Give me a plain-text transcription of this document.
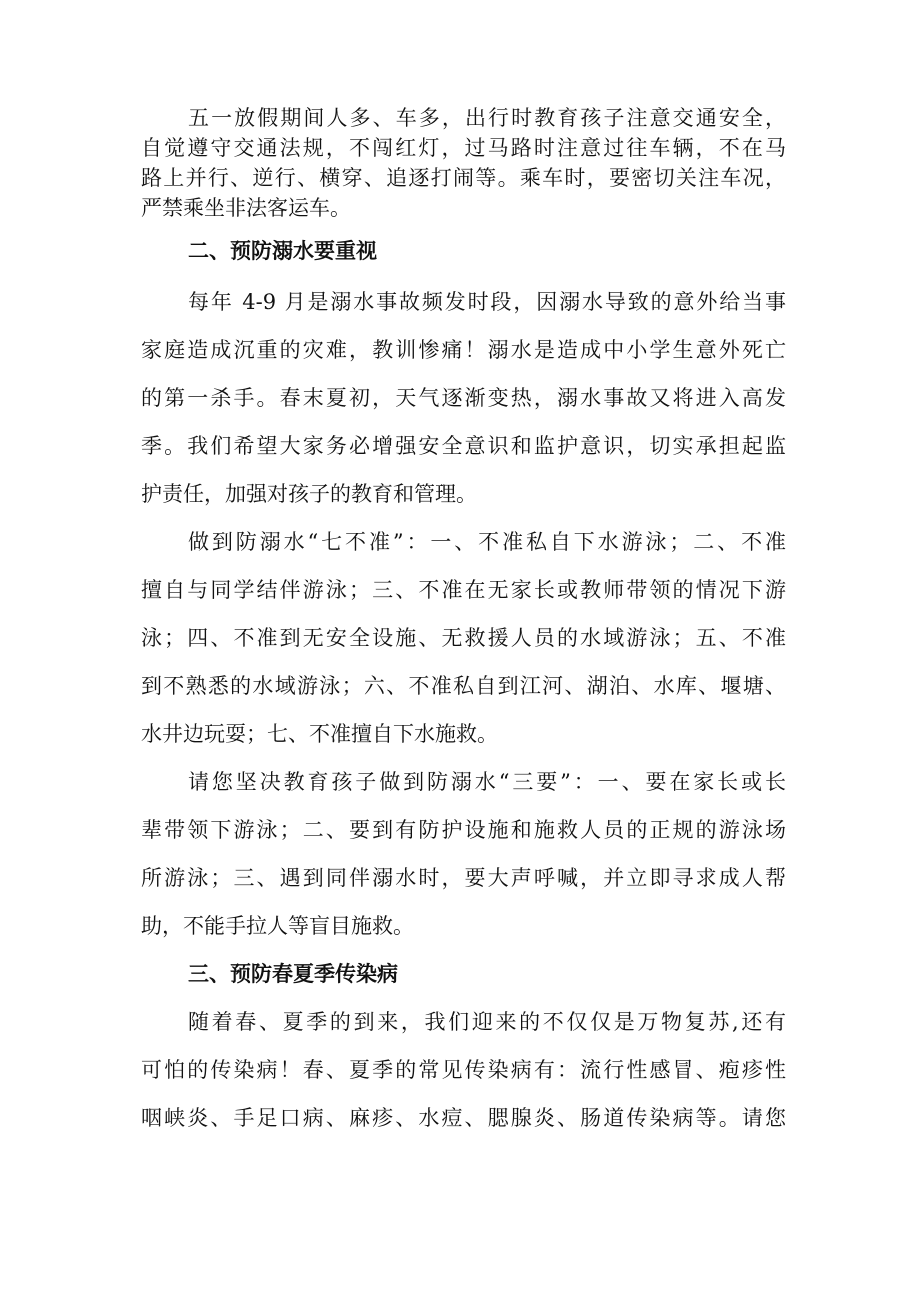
五一放假期间人多、车多，出行时教育孩子注意交通安全，
自觉遵守交通法规，不闯红灯，过马路时注意过往车辆，不在马
路上并行、逆行、横穿、追逐打闹等。乘车时，要密切关注车况，
严禁乘坐非法客运车。
二、预防溺水要重视
每年 4-9 月是溺水事故频发时段，因溺水导致的意外给当事
家庭造成沉重的灾难，教训惨痛！溺水是造成中小学生意外死亡
的第一杀手。春末夏初，天气逐渐变热，溺水事故又将进入高发
季。我们希望大家务必增强安全意识和监护意识，切实承担起监
护责任，加强对孩子的教育和管理。
做到防溺水“七不准”：一、不准私自下水游泳；二、不准
擅自与同学结伴游泳；三、不准在无家长或教师带领的情况下游
泳；四、不准到无安全设施、无救援人员的水域游泳；五、不准
到不熟悉的水域游泳；六、不准私自到江河、湖泊、水库、堰塘、
水井边玩耍；七、不准擅自下水施救。
请您坚决教育孩子做到防溺水“三要”：一、要在家长或长
辈带领下游泳；二、要到有防护设施和施救人员的正规的游泳场
所游泳；三、遇到同伴溺水时，要大声呼喊，并立即寻求成人帮
助，不能手拉人等盲目施救。
三、预防春夏季传染病
随着春、夏季的到来，我们迎来的不仅仅是万物复苏,还有
可怕的传染病！春、夏季的常见传染病有：流行性感冒、疱疹性
咽峡炎、手足口病、麻疹、水痘、腮腺炎、肠道传染病等。请您
